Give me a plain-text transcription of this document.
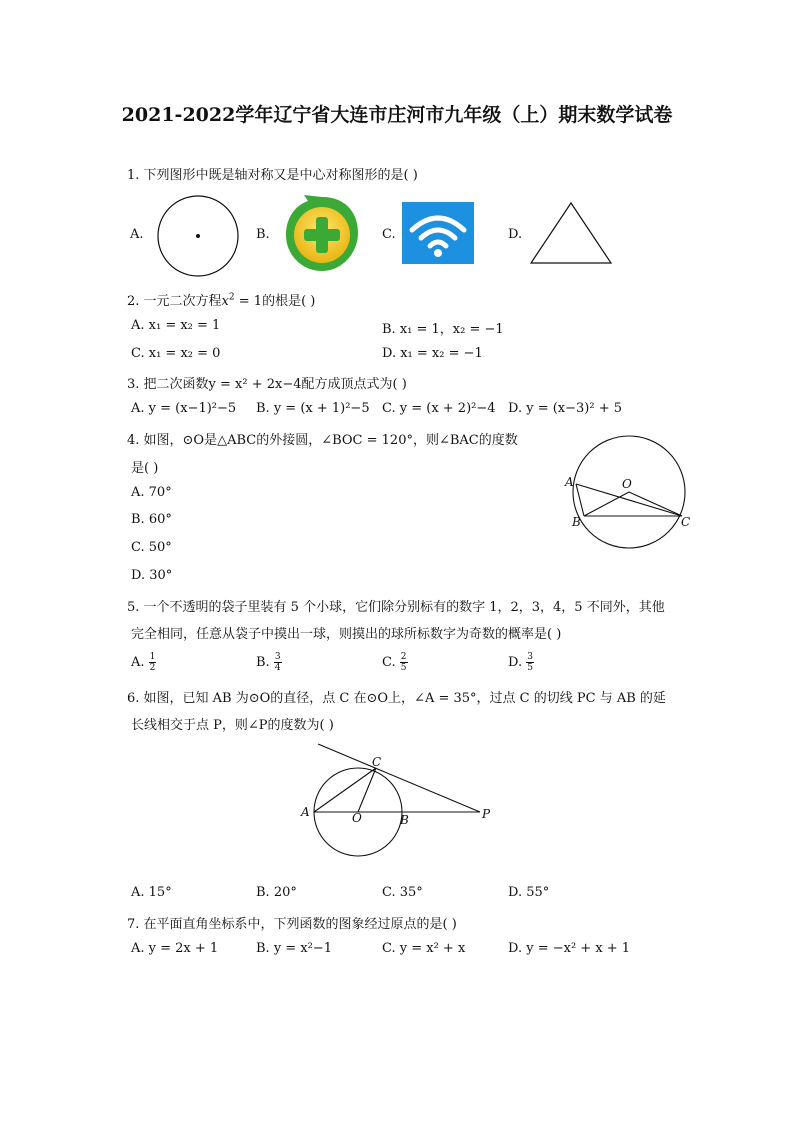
2021-2022学年辽宁省大连市庄河市九年级（上）期末数学试卷
1. 下列图形中既是轴对称又是中心对称图形的是( )
A.	B.	C.	D.
2. 一元二次方程$x^2 = 1$的根是( )
A. x₁ = x₂ = 1	B. x₁ = 1，x₂ = −1
C. x₁ = x₂ = 0	D. x₁ = x₂ = −1
3. 把二次函数y = x² + 2x−4配方成顶点式为( )
A. y = (x−1)²−5 B. y = (x + 1)²−5 C. y = (x + 2)²−4 D. y = (x−3)² + 5
4. 如图，⊙O是△ABC的外接圆，∠BOC = 120°，则∠BAC的度数
是( )
A. 70°
B. 60°
C. 50°
D. 30°
A	O
B	C
5. 一个不透明的袋子里装有 5 个小球，它们除分别标有的数字 1，2，3，4，5 不同外，其他
完全相同，任意从袋子中摸出一球，则摸出的球所标数字为奇数的概率是( )
A. $\frac{1}{2}$	B. $\frac{3}{4}$	C. $\frac{2}{5}$	D. $\frac{3}{5}$
6. 如图，已知 AB 为⊙O的直径，点 C 在⊙O上，∠A = 35°，过点 C 的切线 PC 与 AB 的延
长线相交于点 P，则∠P的度数为( )
A	O	B
C
P
A. 15°	B. 20°	C. 35°	D. 55°
7. 在平面直角坐标系中，下列函数的图象经过原点的是( )
A. y = 2x + 1	B. y = x²−1	C. y = x² + x	D. y = −x² + x + 1
